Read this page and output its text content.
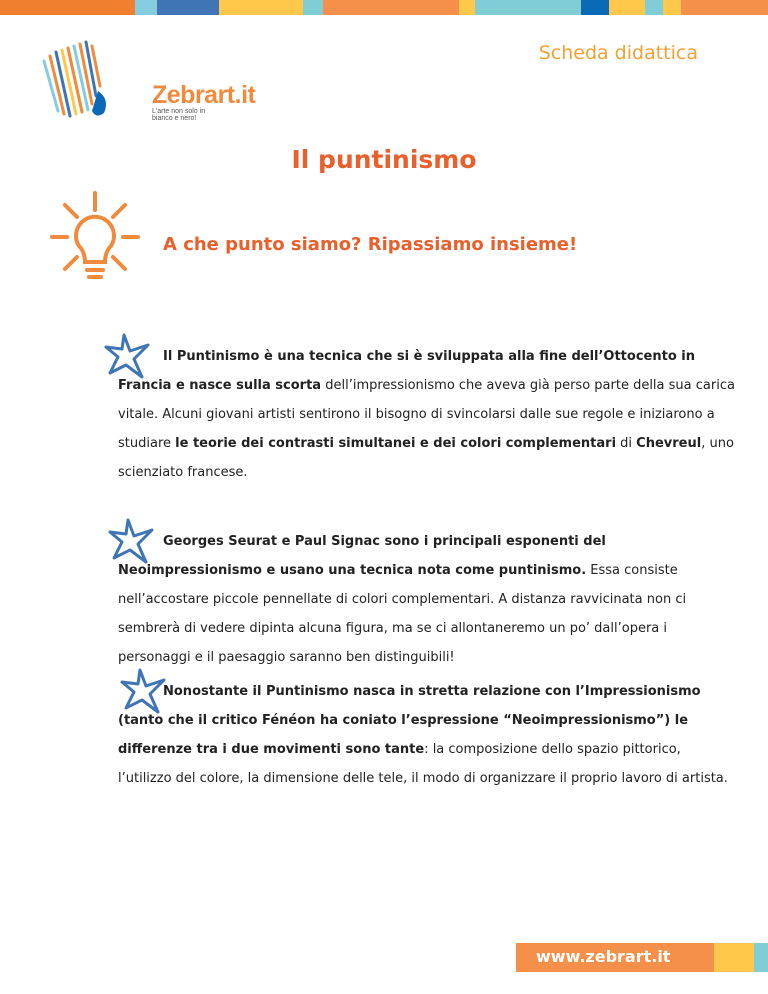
Zebrart.it
L'arte non solo in bianco e nero!
Scheda didattica
Il puntinismo
A che punto siamo? Ripassiamo insieme!
Il Puntinismo è una tecnica che si è sviluppata alla fine dell’Ottocento in Francia e nasce sulla scorta dell’impressionismo che aveva già perso parte della sua carica vitale. Alcuni giovani artisti sentirono il bisogno di svincolarsi dalle sue regole e iniziarono a studiare le teorie dei contrasti simultanei e dei colori complementari di Chevreul, uno scienziato francese.
Georges Seurat e Paul Signac sono i principali esponenti del Neoimpressionismo e usano una tecnica nota come puntinismo. Essa consiste nell’accostare piccole pennellate di colori complementari. A distanza ravvicinata non ci sembrerà di vedere dipinta alcuna figura, ma se ci allontaneremo un po’ dall’opera i personaggi e il paesaggio saranno ben distinguibili!
Nonostante il Puntinismo nasca in stretta relazione con l’Impressionismo (tanto che il critico Fénéon ha coniato l’espressione “Neoimpressionismo”) le differenze tra i due movimenti sono tante: la composizione dello spazio pittorico, l’utilizzo del colore, la dimensione delle tele, il modo di organizzare il proprio lavoro di artista.
www.zebrart.it
